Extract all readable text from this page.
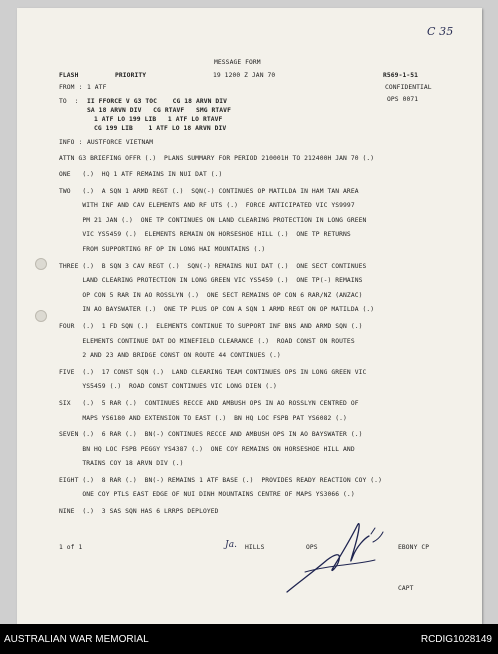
C 35
MESSAGE FORM
FLASH	PRIORITY	19 1200 Z JAN 70	R569-1-51
CONFIDENTIAL
OPS 0071
FROM : 1 ATF
TO  : II FFORCE V G3 TOC    CG 18 ARVN DIV
SA 18 ARVN DIV   CG RTAVF   SMG RTAVF
1 ATF LO 199 LIB   1 ATF LO RTAVF
CG 199 LIB    1 ATF LO 18 ARVN DIV
INFO : AUSTFORCE VIETNAM
ATTN G3 BRIEFING OFFR (.)  PLANS SUMMARY FOR PERIOD 210001H TO 212400H JAN 70 (.)
ONE   (.)  HQ 1 ATF REMAINS IN NUI DAT (.)
TWO   (.)  A SQN 1 ARMD REGT (.)  SQN(-) CONTINUES OP MATILDA IN HAM TAN AREA
WITH INF AND CAV ELEMENTS AND RF UTS (.)  FORCE ANTICIPATED VIC YS9997
PM 21 JAN (.)  ONE TP CONTINUES ON LAND CLEARING PROTECTION IN LONG GREEN
VIC YS5459 (.)  ELEMENTS REMAIN ON HORSESHOE HILL (.)  ONE TP RETURNS
FROM SUPPORTING RF OP IN LONG HAI MOUNTAINS (.)
THREE (.)  B SQN 3 CAV REGT (.)  SQN(-) REMAINS NUI DAT (.)  ONE SECT CONTINUES
LAND CLEARING PROTECTION IN LONG GREEN VIC YS5459 (.)  ONE TP(-) REMAINS
OP CON 5 RAR IN AO ROSSLYN (.)  ONE SECT REMAINS OP CON 6 RAR/NZ (ANZAC)
IN AO BAYSWATER (.)  ONE TP PLUS OP CON A SQN 1 ARMD REGT ON OP MATILDA (.)
FOUR  (.)  1 FD SQN (.)  ELEMENTS CONTINUE TO SUPPORT INF BNS AND ARMD SQN (.)
ELEMENTS CONTINUE DAT DO MINEFIELD CLEARANCE (.)  ROAD CONST ON ROUTES
2 AND 23 AND BRIDGE CONST ON ROUTE 44 CONTINUES (.)
FIVE  (.)  17 CONST SQN (.)  LAND CLEARING TEAM CONTINUES OPS IN LONG GREEN VIC
YS5459 (.)  ROAD CONST CONTINUES VIC LONG DIEN (.)
SIX   (.)  5 RAR (.)  CONTINUES RECCE AND AMBUSH OPS IN AO ROSSLYN CENTRED OF
MAPS YS6180 AND EXTENSION TO EAST (.)  BN HQ LOC FSPB PAT YS6082 (.)
SEVEN (.)  6 RAR (.)  BN(-) CONTINUES RECCE AND AMBUSH OPS IN AO BAYSWATER (.)
BN HQ LOC FSPB PEGGY YS4387 (.)  ONE COY REMAINS ON HORSESHOE HILL AND
TRAINS COY 18 ARVN DIV (.)
EIGHT (.)  8 RAR (.)  BN(-) REMAINS 1 ATF BASE (.)  PROVIDES READY REACTION COY (.)
ONE COY PTLS EAST EDGE OF NUI DINH MOUNTAINS CENTRE OF MAPS YS3066 (.)
NINE  (.)  3 SAS SQN HAS 6 LRRPS DEPLOYED
1 of 1	Ja. HILLS	OPS	EBONY CP
CAPT
AUSTRALIAN WAR MEMORIAL	RCDIG1028149
